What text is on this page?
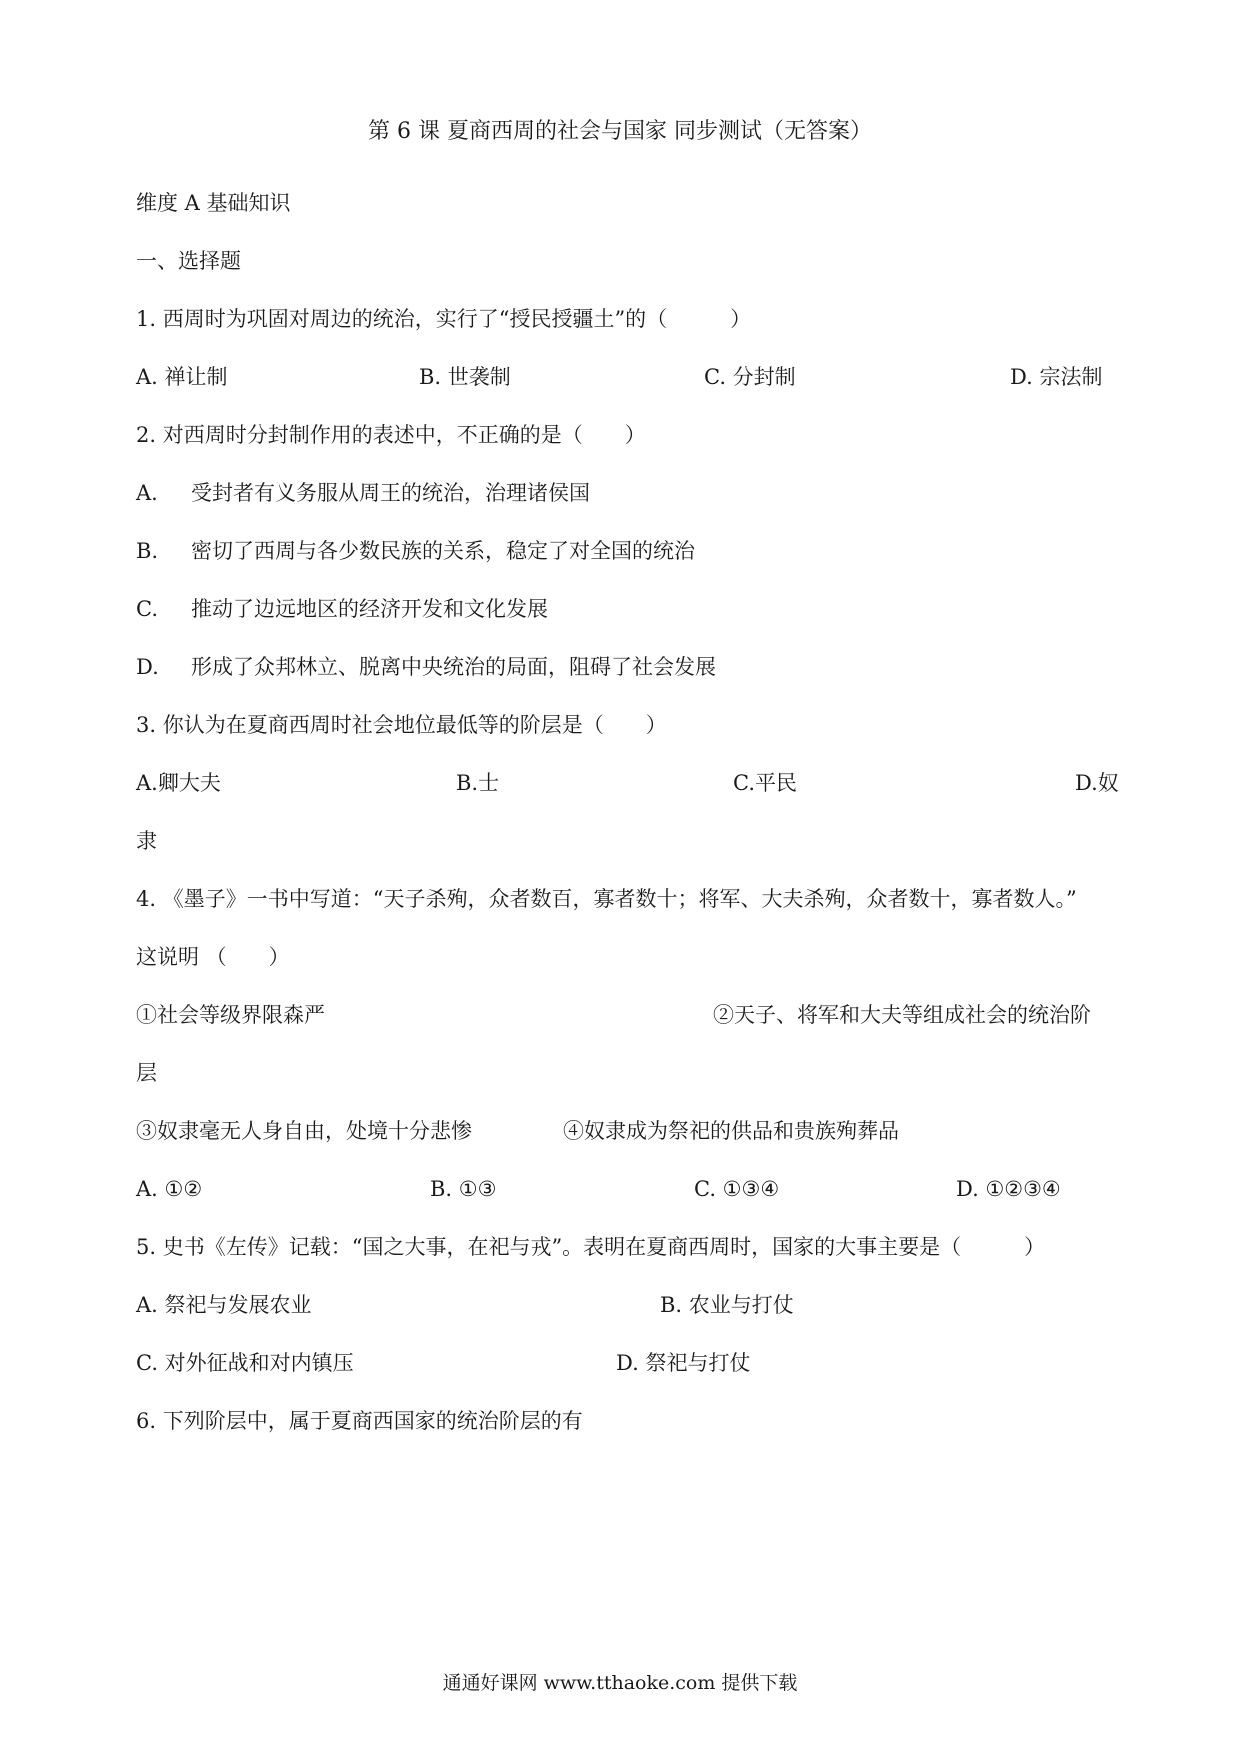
第 6 课 夏商西周的社会与国家 同步测试（无答案）
维度 A 基础知识
一、选择题
1. 西周时为巩固对周边的统治，实行了“授民授疆土”的（　　　）
A. 禅让制	B. 世袭制	C. 分封制	D. 宗法制
2. 对西周时分封制作用的表述中，不正确的是（　　）
A. 受封者有义务服从周王的统治，治理诸侯国
B. 密切了西周与各少数民族的关系，稳定了对全国的统治
C. 推动了边远地区的经济开发和文化发展
D. 形成了众邦林立、脱离中央统治的局面，阻碍了社会发展
3. 你认为在夏商西周时社会地位最低等的阶层是（　　）
A.卿大夫	B.士	C.平民	D.奴
隶
4. 《墨子》一书中写道：“天子杀殉，众者数百，寡者数十；将军、大夫杀殉，众者数十，寡者数人。”
这说明 （　　）
①社会等级界限森严	②天子、将军和大夫等组成社会的统治阶
层
③奴隶毫无人身自由，处境十分悲惨	④奴隶成为祭祀的供品和贵族殉葬品
A. ①②	B. ①③	C. ①③④	D. ①②③④
5. 史书《左传》记载：“国之大事，在祀与戎”。表明在夏商西周时，国家的大事主要是（　　　）
A. 祭祀与发展农业	B. 农业与打仗
C. 对外征战和对内镇压	D. 祭祀与打仗
6. 下列阶层中，属于夏商西国家的统治阶层的有
通通好课网 www.tthaoke.com 提供下载
